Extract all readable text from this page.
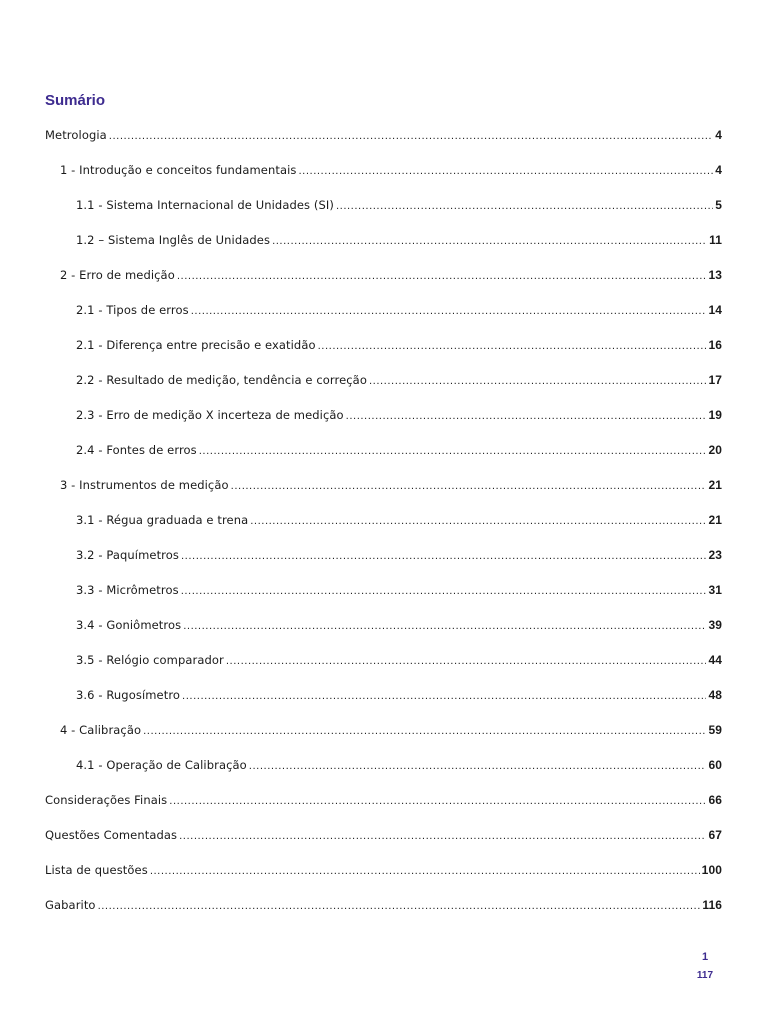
Sumário
Metrologia .....	4
1 - Introdução e conceitos fundamentais .....	4
1.1 - Sistema Internacional de Unidades (SI) .....	5
1.2 – Sistema Inglês de Unidades .....	11
2 - Erro de medição .....	13
2.1 - Tipos de erros .....	14
2.1 - Diferença entre precisão e exatidão .....	16
2.2 - Resultado de medição, tendência e correção .....	17
2.3 - Erro de medição X incerteza de medição .....	19
2.4 - Fontes de erros .....	20
3 - Instrumentos de medição .....	21
3.1 - Régua graduada e trena .....	21
3.2 - Paquímetros .....	23
3.3 - Micrômetros .....	31
3.4 - Goniômetros .....	39
3.5 - Relógio comparador .....	44
3.6 - Rugosímetro .....	48
4 - Calibração .....	59
4.1 - Operação de Calibração .....	60
Considerações Finais .....	66
Questões Comentadas .....	67
Lista de questões .....	100
Gabarito .....	116
1
117
